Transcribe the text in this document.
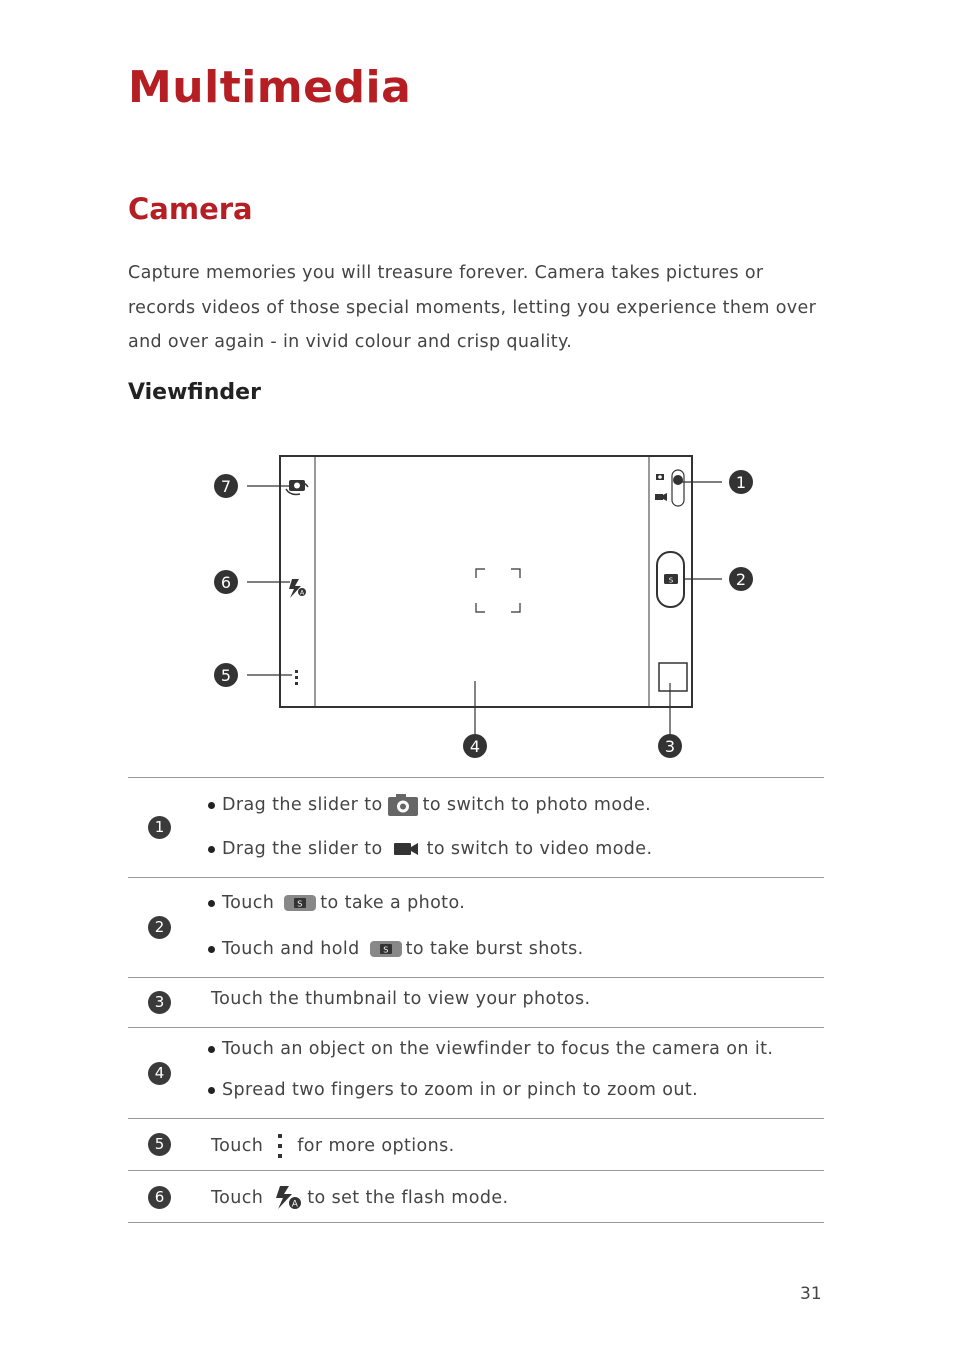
Multimedia
Camera

Capture memories you will treasure forever. Camera takes pictures or records videos of those special moments, letting you experience them over and over again - in vivid colour and crisp quality.

Viewfinder
A
S
7
6
5
1
2
4	3
1
Drag the slider to to switch to photo mode.
Drag the slider to	to switch to video mode.
2
Touch	S to take a photo.
Touch and hold	S to take burst shots.
3	Touch the thumbnail to view your photos.
4
Touch an object on the viewfinder to focus the camera on it.
Spread two fingers to zoom in or pinch to zoom out.
5	Touch for more options.
6	Touch	A to set the flash mode.
31
